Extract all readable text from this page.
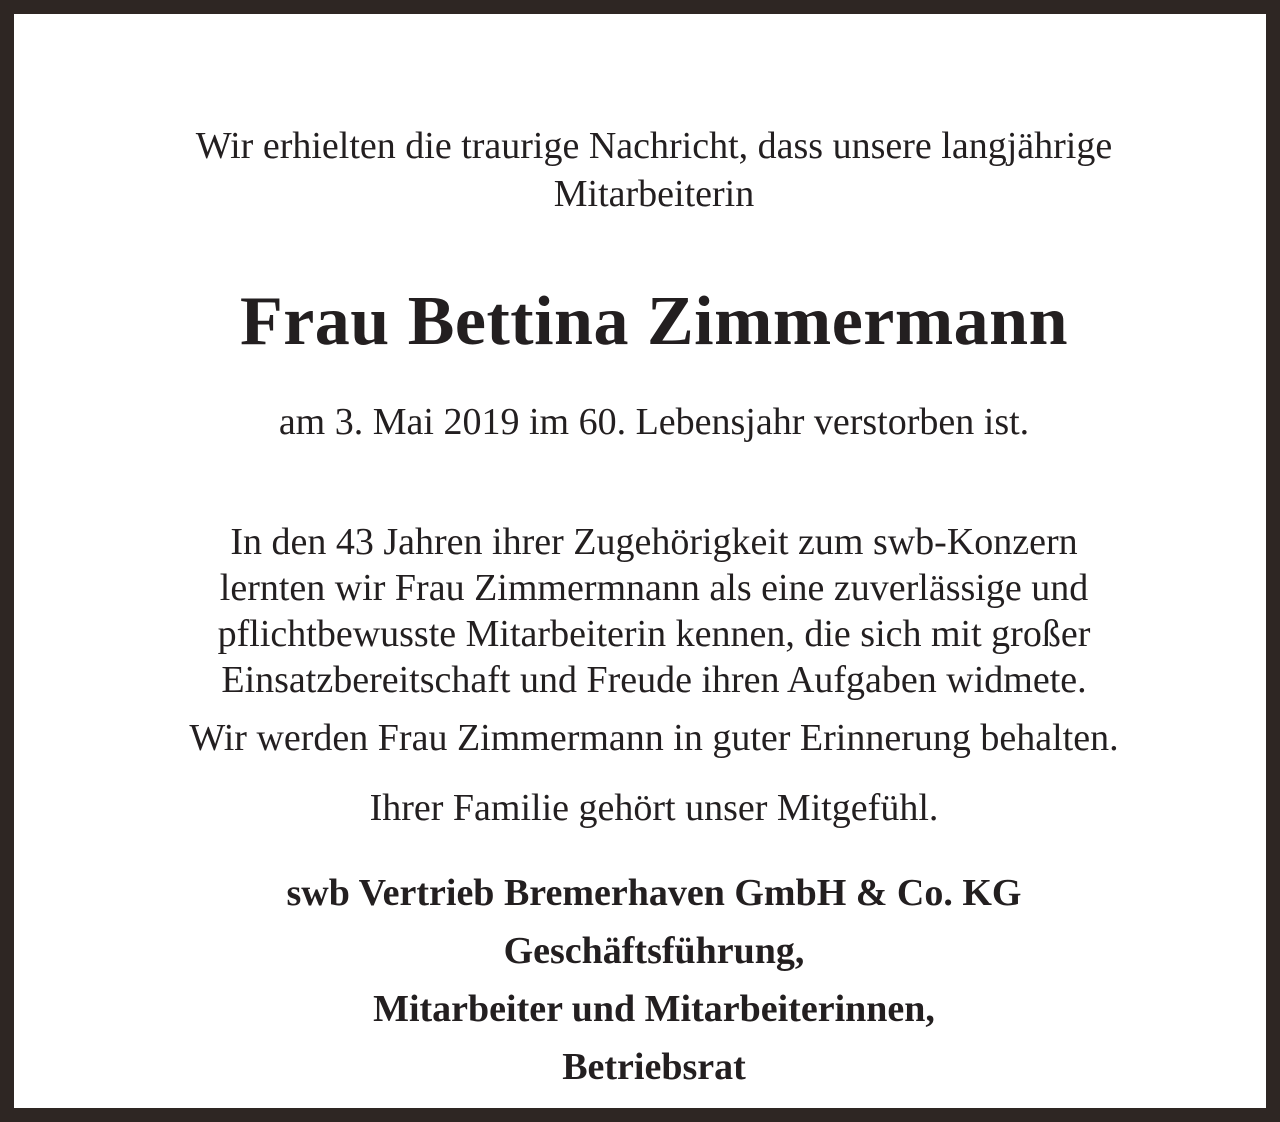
Wir erhielten die traurige Nachricht, dass unsere langjährige
Mitarbeiterin
Frau Bettina Zimmermann
am 3. Mai 2019 im 60. Lebensjahr verstorben ist.
In den 43 Jahren ihrer Zugehörigkeit zum swb-Konzern
lernten wir Frau Zimmermnann als eine zuverlässige und
pflichtbewusste Mitarbeiterin kennen, die sich mit großer
Einsatzbereitschaft und Freude ihren Aufgaben widmete.
Wir werden Frau Zimmermann in guter Erinnerung behalten.
Ihrer Familie gehört unser Mitgefühl.
swb Vertrieb Bremerhaven GmbH & Co. KG
Geschäftsführung,
Mitarbeiter und Mitarbeiterinnen,
Betriebsrat
